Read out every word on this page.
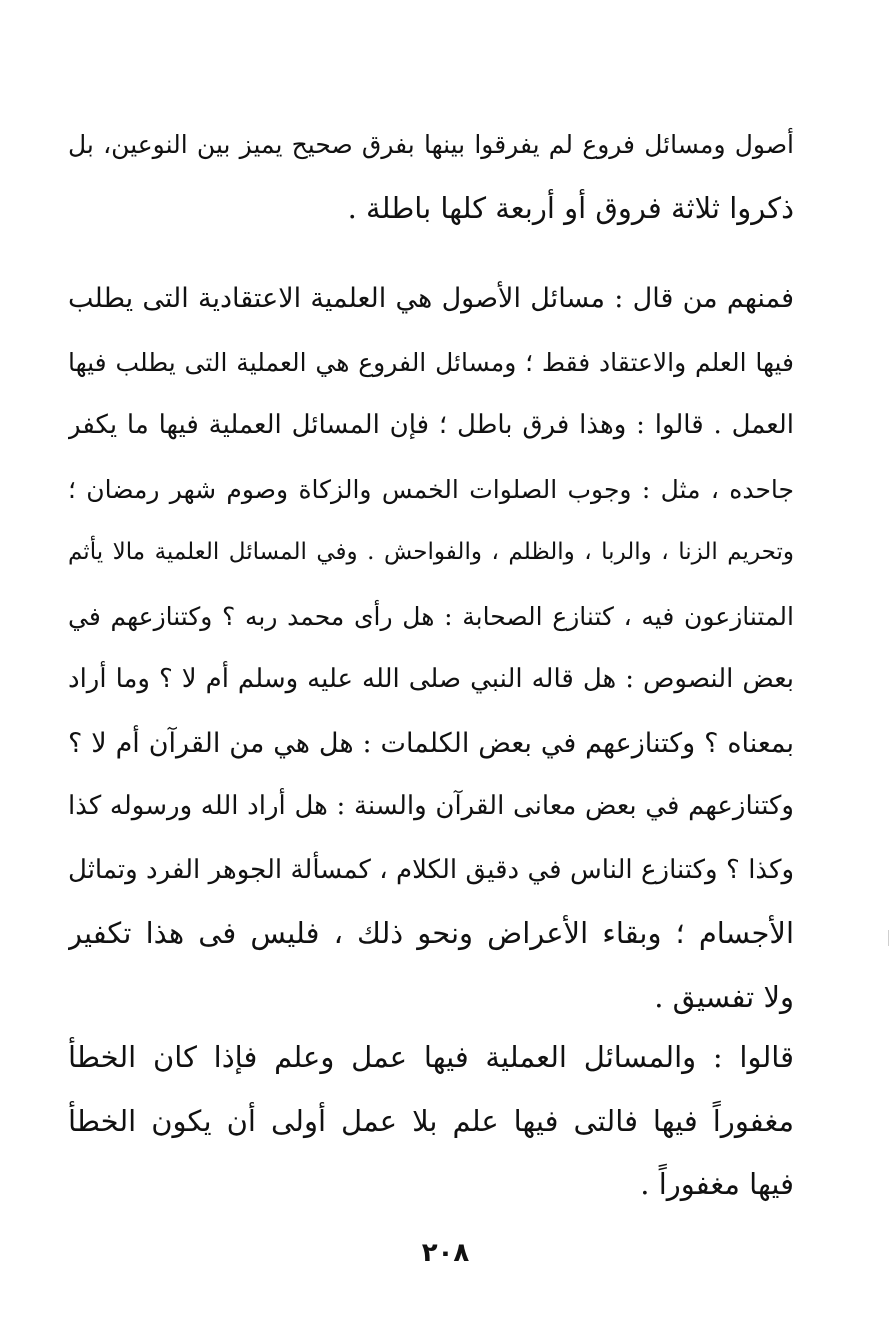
أصول ومسائل فروع لم يفرقوا بينها بفرق صحيح يميز بين النوعين، بل
ذكروا ثلاثة فروق أو أربعة كلها باطلة .
فمنهم من قال : مسائل الأصول هي العلمية الاعتقادية التى يطلب
فيها العلم والاعتقاد فقط ؛ ومسائل الفروع هي العملية التى يطلب فيها
العمل . قالوا : وهذا فرق باطل ؛ فإن المسائل العملية فيها ما يكفر
جاحده ، مثل : وجوب الصلوات الخمس والزكاة وصوم شهر رمضان ؛
وتحريم الزنا ، والربا ، والظلم ، والفواحش . وفي المسائل العلمية مالا يأثم
المتنازعون فيه ، كتنازع الصحابة : هل رأى محمد ربه ؟ وكتنازعهم في
بعض النصوص : هل قاله النبي صلى الله عليه وسلم أم لا ؟ وما أراد
بمعناه ؟ وكتنازعهم في بعض الكلمات : هل هي من القرآن أم لا ؟
وكتنازعهم في بعض معانى القرآن والسنة : هل أراد الله ورسوله كذا
وكذا ؟ وكتنازع الناس في دقيق الكلام ، كمسألة الجوهر الفرد وتماثل
الأجسام ؛ وبقاء الأعراض ونحو ذلك ، فليس فى هذا تكفير
ولا تفسيق .
قالوا : والمسائل العملية فيها عمل وعلم فإذا كان الخطأ
مغفوراً فيها فالتى فيها علم بلا عمل أولى أن يكون الخطأ
فيها مغفوراً .
٢٠٨
